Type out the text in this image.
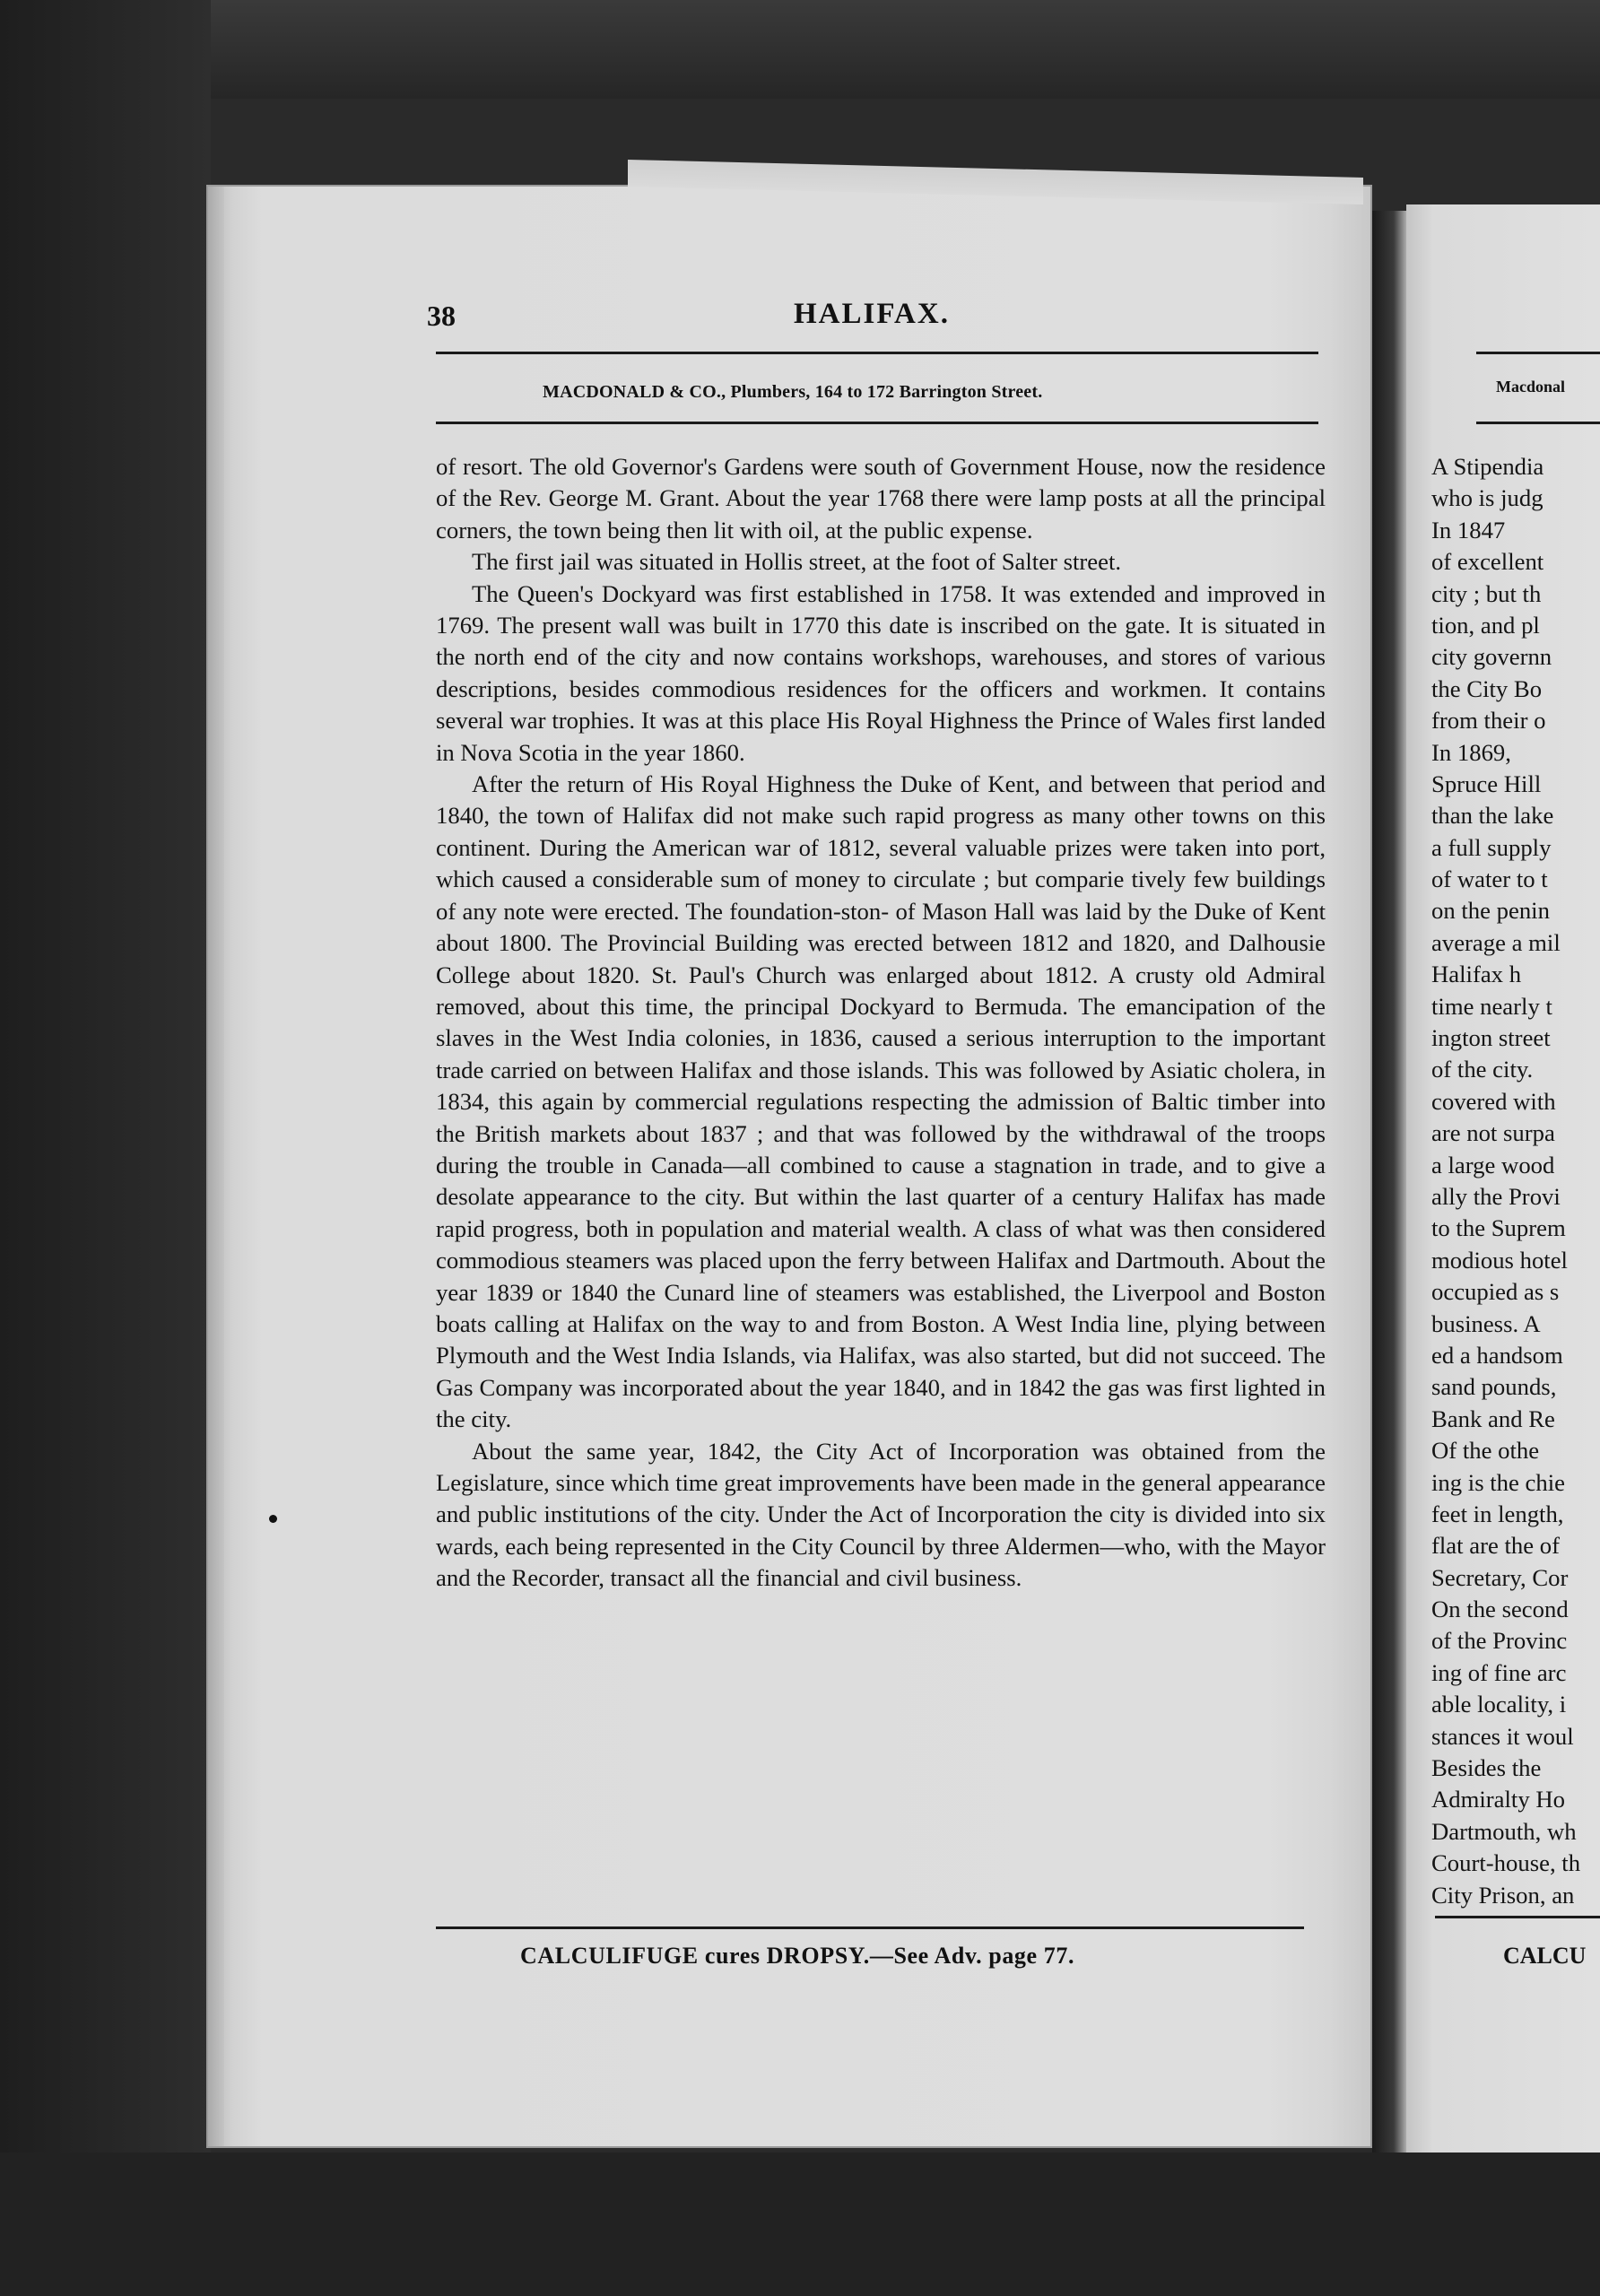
38	HALIFAX.
MACDONALD & CO., Plumbers, 164 to 172 Barrington Street.

of resort. The old Governor's Gardens were south of Government House, now the residence of the Rev. George M. Grant. About the year 1768 there were lamp posts at all the principal corners, the town being then lit with oil, at the public expense.

The first jail was situated in Hollis street, at the foot of Salter street.

The Queen's Dockyard was first established in 1758. It was extended and improved in 1769. The present wall was built in 1770 this date is inscribed on the gate. It is situated in the north end of the city and now contains workshops, warehouses, and stores of various descriptions, besides commodious residences for the officers and workmen. It contains several war trophies. It was at this place His Royal Highness the Prince of Wales first landed in Nova Scotia in the year 1860.

After the return of His Royal Highness the Duke of Kent, and between that period and 1840, the town of Halifax did not make such rapid progress as many other towns on this continent. During the American war of 1812, several valuable prizes were taken into port, which caused a considerable sum of money to circulate ; but comparie tively few buildings of any note were erected. The foundation-ston- of Mason Hall was laid by the Duke of Kent about 1800. The Provincial Building was erected between 1812 and 1820, and Dalhousie College about 1820. St. Paul's Church was enlarged about 1812. A crusty old Admiral removed, about this time, the principal Dockyard to Bermuda. The emancipation of the slaves in the West India colonies, in 1836, caused a serious interruption to the important trade carried on between Halifax and those islands. This was followed by Asiatic cholera, in 1834, this again by commercial regulations respecting the admission of Baltic timber into the British markets about 1837 ; and that was followed by the withdrawal of the troops during the trouble in Canada—all combined to cause a stagnation in trade, and to give a desolate appearance to the city. But within the last quarter of a century Halifax has made rapid progress, both in population and material wealth. A class of what was then considered commodious steamers was placed upon the ferry between Halifax and Dartmouth. About the year 1839 or 1840 the Cunard line of steamers was established, the Liverpool and Boston boats calling at Halifax on the way to and from Boston. A West India line, plying between Plymouth and the West India Islands, via Halifax, was also started, but did not succeed. The Gas Company was incorporated about the year 1840, and in 1842 the gas was first lighted in the city.

About the same year, 1842, the City Act of Incorporation was obtained from the Legislature, since which time great improvements have been made in the general appearance and public institutions of the city. Under the Act of Incorporation the city is divided into six wards, each being represented in the City Council by three Aldermen—who, with the Mayor and the Recorder, transact all the financial and civil business.

CALCULIFUGE cures DROPSY.—See Adv. page 77.
Macdonal
A Stipendia
who is judg
In 1847
of excellent
city ; but th
tion, and pl
city governn
the City Bo
from their o
In 1869,
Spruce Hill
than the lake
a full supply
of water to t
on the penin
average a mil
Halifax h
time nearly t
ington street
of the city.
covered with
are not surpa
a large wood
ally the Provi
to the Suprem
modious hotel
occupied as s
business. A
ed a handsom
sand pounds,
Bank and Re
Of the othe
ing is the chie
feet in length,
flat are the of
Secretary, Cor
On the second
of the Provinc
ing of fine arc
able locality, i
stances it woul
Besides the
Admiralty Ho
Dartmouth, wh
Court-house, th
City Prison, an
CALCU
